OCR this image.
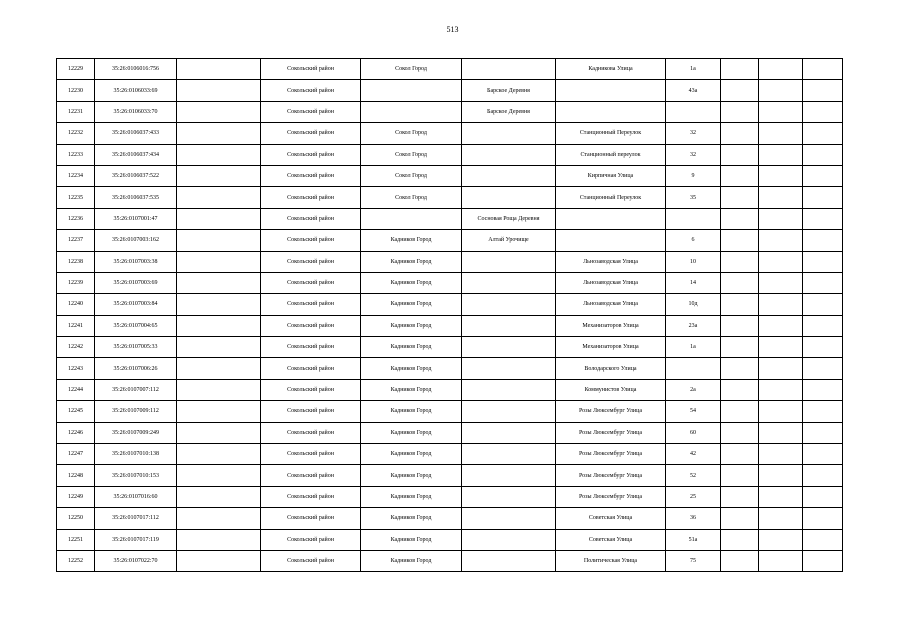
513
12229	35:26:0106016:756		Сокольский район	Сокол Город		Кадникова Улица	1а			
12230	35:26:0106033:69		Сокольский район		Барское Деревня		43а			
12231	35:26:0106033:70		Сокольский район		Барское Деревня					
12232	35:26:0106037:433		Сокольский район	Сокол Город		Станционный Переулок	32			
12233	35:26:0106037:434		Сокольский район	Сокол Город		Станционный переулок	32			
12234	35:26:0106037:522		Сокольский район	Сокол Город		Кирпичная Улица	9			
12235	35:26:0106037:535		Сокольский район	Сокол Город		Станционный Переулок	35			
12236	35:26:0107001:47		Сокольский район		Сосновая Роща Деревня					
12237	35:26:0107003:162		Сокольский район	Кадников Город	Алтай Урочище		6			
12238	35:26:0107003:38		Сокольский район	Кадников Город		Льнозаводская Улица	10			
12239	35:26:0107003:69		Сокольский район	Кадников Город		Льнозаводская Улица	14			
12240	35:26:0107003:84		Сокольский район	Кадников Город		Льнозаводская Улица	10д			
12241	35:26:0107004:65		Сокольский район	Кадников Город		Механизаторов Улица	23а			
12242	35:26:0107005:33		Сокольский район	Кадников Город		Механизаторов Улица	1а			
12243	35:26:0107006:26		Сокольский район	Кадников Город		Володарского Улица				
12244	35:26:0107007:112		Сокольский район	Кадников Город		Коммунистов Улица	2а			
12245	35:26:0107009:112		Сокольский район	Кадников Город		Розы Люксембург Улица	54			
12246	35:26:0107009:249		Сокольский район	Кадников Город		Розы Люксембург Улица	60			
12247	35:26:0107010:138		Сокольский район	Кадников Город		Розы Люксембург Улица	42			
12248	35:26:0107010:153		Сокольский район	Кадников Город		Розы Люксембург Улица	52			
12249	35:26:0107016:60		Сокольский район	Кадников Город		Розы Люксембург Улица	25			
12250	35:26:0107017:112		Сокольский район	Кадников Город		Советская Улица	36			
12251	35:26:0107017:119		Сокольский район	Кадников Город		Советская Улица	51а			
12252	35:26:0107022:70		Сокольский район	Кадников Город		Политическая Улица	75			
